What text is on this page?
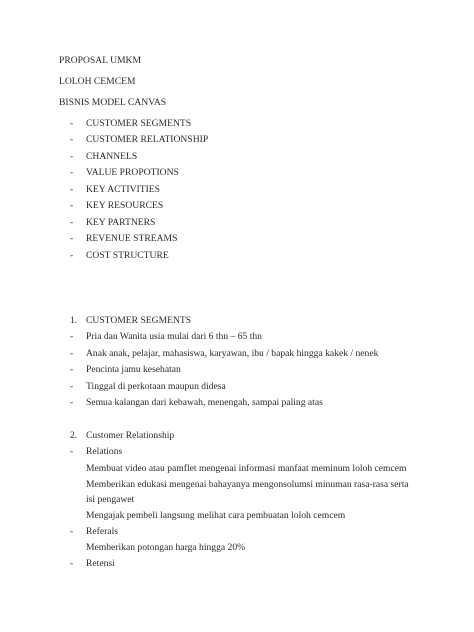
PROPOSAL UMKM
LOLOH CEMCEM
BISNIS MODEL CANVAS
- CUSTOMER SEGMENTS
- CUSTOMER RELATIONSHIP
- CHANNELS
- VALUE PROPOTIONS
- KEY ACTIVITIES
- KEY RESOURCES
- KEY PARTNERS
- REVENUE STREAMS
- COST STRUCTURE
1. CUSTOMER SEGMENTS
- Pria dan Wanita usia mulai dari 6 thn – 65 thn
- Anak anak, pelajar, mahasiswa, karyawan, ibu / bapak hingga kakek / nenek
- Pencinta jamu kesehatan
- Tinggal di perkotaan maupun didesa
- Semua kalangan dari kebawah, menengah, sampai paling atas
2. Customer Relationship
- Relations
Membuat video atau pamflet mengenai informasi manfaat meminum loloh cemcem
Memberikan edukasi mengenai bahayanya mengonsolumsi minuman rasa-rasa serta
isi pengawet
Mengajak pembeli langsung melihat cara pembuatan loloh cemcem
- Referals
Memberikan potongan harga hingga 20%
- Retensi
